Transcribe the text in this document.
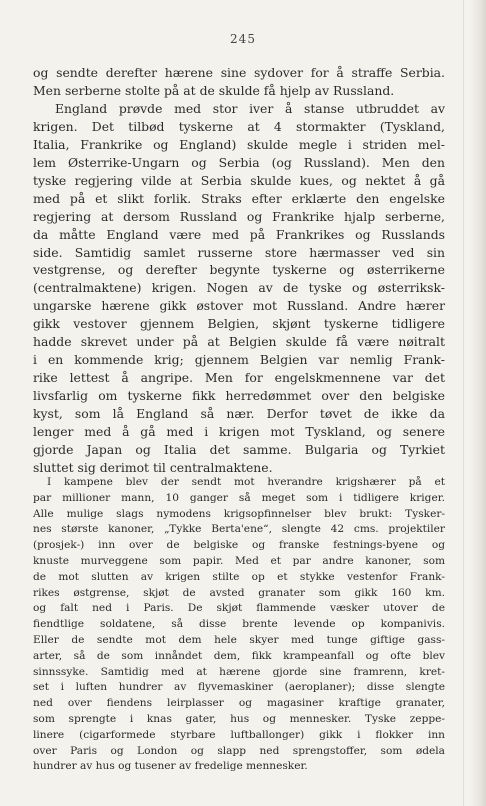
245
og sendte derefter hærene sine sydover for å straffe Serbia.
Men serberne stolte på at de skulde få hjelp av Russland.
England prøvde med stor iver å stanse utbruddet av
krigen. Det tilbød tyskerne at 4 stormakter (Tyskland,
Italia, Frankrike og England) skulde megle i striden mel-
lem Østerrike-Ungarn og Serbia (og Russland). Men den
tyske regjering vilde at Serbia skulde kues, og nektet å gå
med på et slikt forlik. Straks efter erklærte den engelske
regjering at dersom Russland og Frankrike hjalp serberne,
da måtte England være med på Frankrikes og Russlands
side. Samtidig samlet russerne store hærmasser ved sin
vestgrense, og derefter begynte tyskerne og østerrikerne
(centralmaktene) krigen. Nogen av de tyske og østerriksk-
ungarske hærene gikk østover mot Russland. Andre hærer
gikk vestover gjennem Belgien, skjønt tyskerne tidligere
hadde skrevet under på at Belgien skulde få være nøitralt
i en kommende krig; gjennem Belgien var nemlig Frank-
rike lettest å angripe. Men for engelskmennene var det
livsfarlig om tyskerne fikk herredømmet over den belgiske
kyst, som lå England så nær. Derfor tøvet de ikke da
lenger med å gå med i krigen mot Tyskland, og senere
gjorde Japan og Italia det samme. Bulgaria og Tyrkiet
sluttet sig derimot til centralmaktene.
I kampene blev der sendt mot hverandre krigshærer på et
par millioner mann, 10 ganger så meget som i tidligere kriger.
Alle mulige slags nymodens krigsopfinnelser blev brukt: Tysker-
nes største kanoner, „Tykke Berta'ene“, slengte 42 cms. projektiler
(prosjek-) inn over de belgiske og franske festnings-byene og
knuste murveggene som papir. Med et par andre kanoner, som
de mot slutten av krigen stilte op et stykke vestenfor Frank-
rikes østgrense, skjøt de avsted granater som gikk 160 km.
og falt ned i Paris. De skjøt flammende væsker utover de
fiendtlige soldatene, så disse brente levende op kompanivis.
Eller de sendte mot dem hele skyer med tunge giftige gass-
arter, så de som innåndet dem, fikk krampeanfall og ofte blev
sinnssyke. Samtidig med at hærene gjorde sine framrenn, kret-
set i luften hundrer av flyvemaskiner (aeroplaner); disse slengte
ned over fiendens leirplasser og magasiner kraftige granater,
som sprengte i knas gater, hus og mennesker. Tyske zeppe-
linere (cigarformede styrbare luftballonger) gikk i flokker inn
over Paris og London og slapp ned sprengstoffer, som ødela
hundrer av hus og tusener av fredelige mennesker.
